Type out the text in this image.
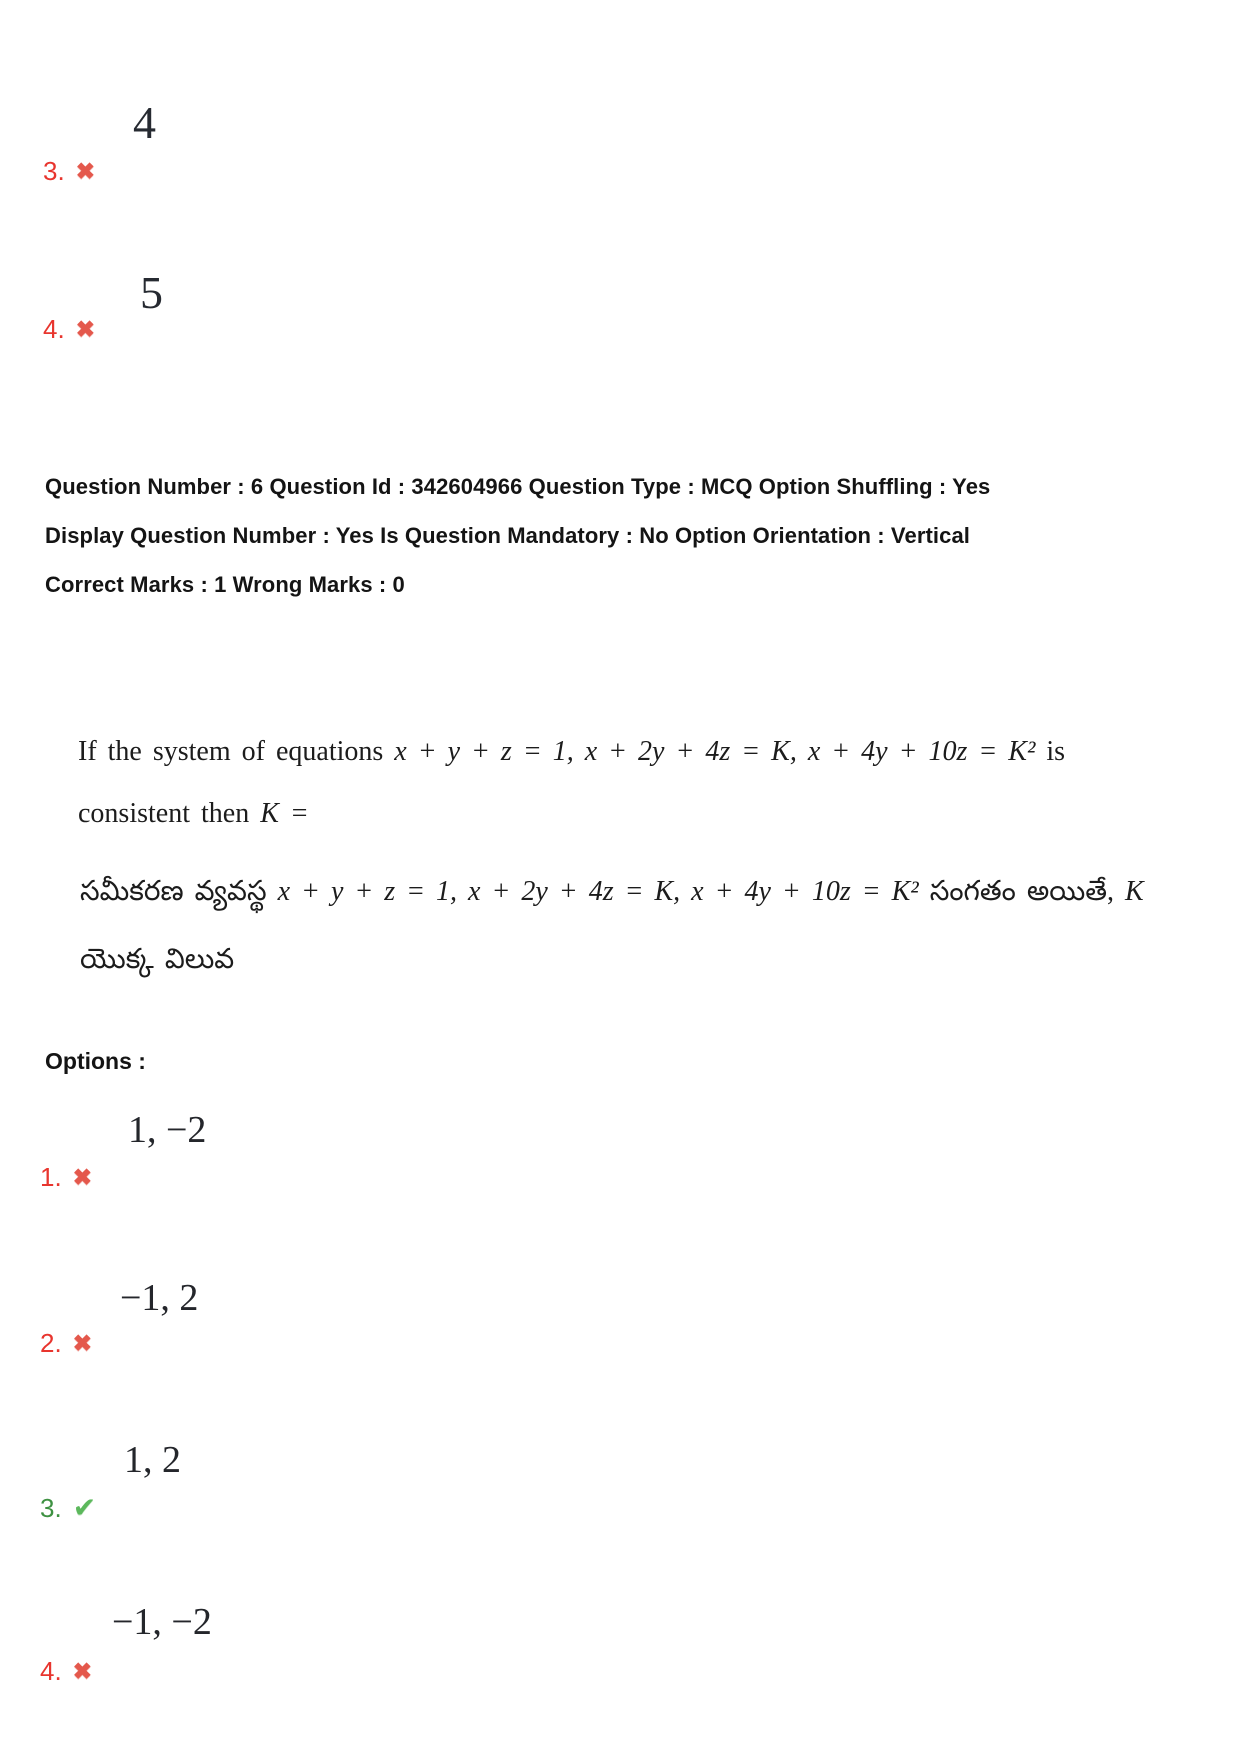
4
3. ✖
5
4. ✖
Question Number : 6 Question Id : 342604966 Question Type : MCQ Option Shuffling : Yes
Display Question Number : Yes Is Question Mandatory : No Option Orientation : Vertical
Correct Marks : 1 Wrong Marks : 0
If the system of equations x + y + z = 1, x + 2y + 4z = K, x + 4y + 10z = K² is
consistent then K =
సమీకరణ వ్యవస్థ x + y + z = 1, x + 2y + 4z = K, x + 4y + 10z = K² సంగతం అయితే, K
యొక్క విలువ
Options :
1, −2
1. ✖
−1, 2
2. ✖
1, 2
3. ✔
−1, −2
4. ✖
